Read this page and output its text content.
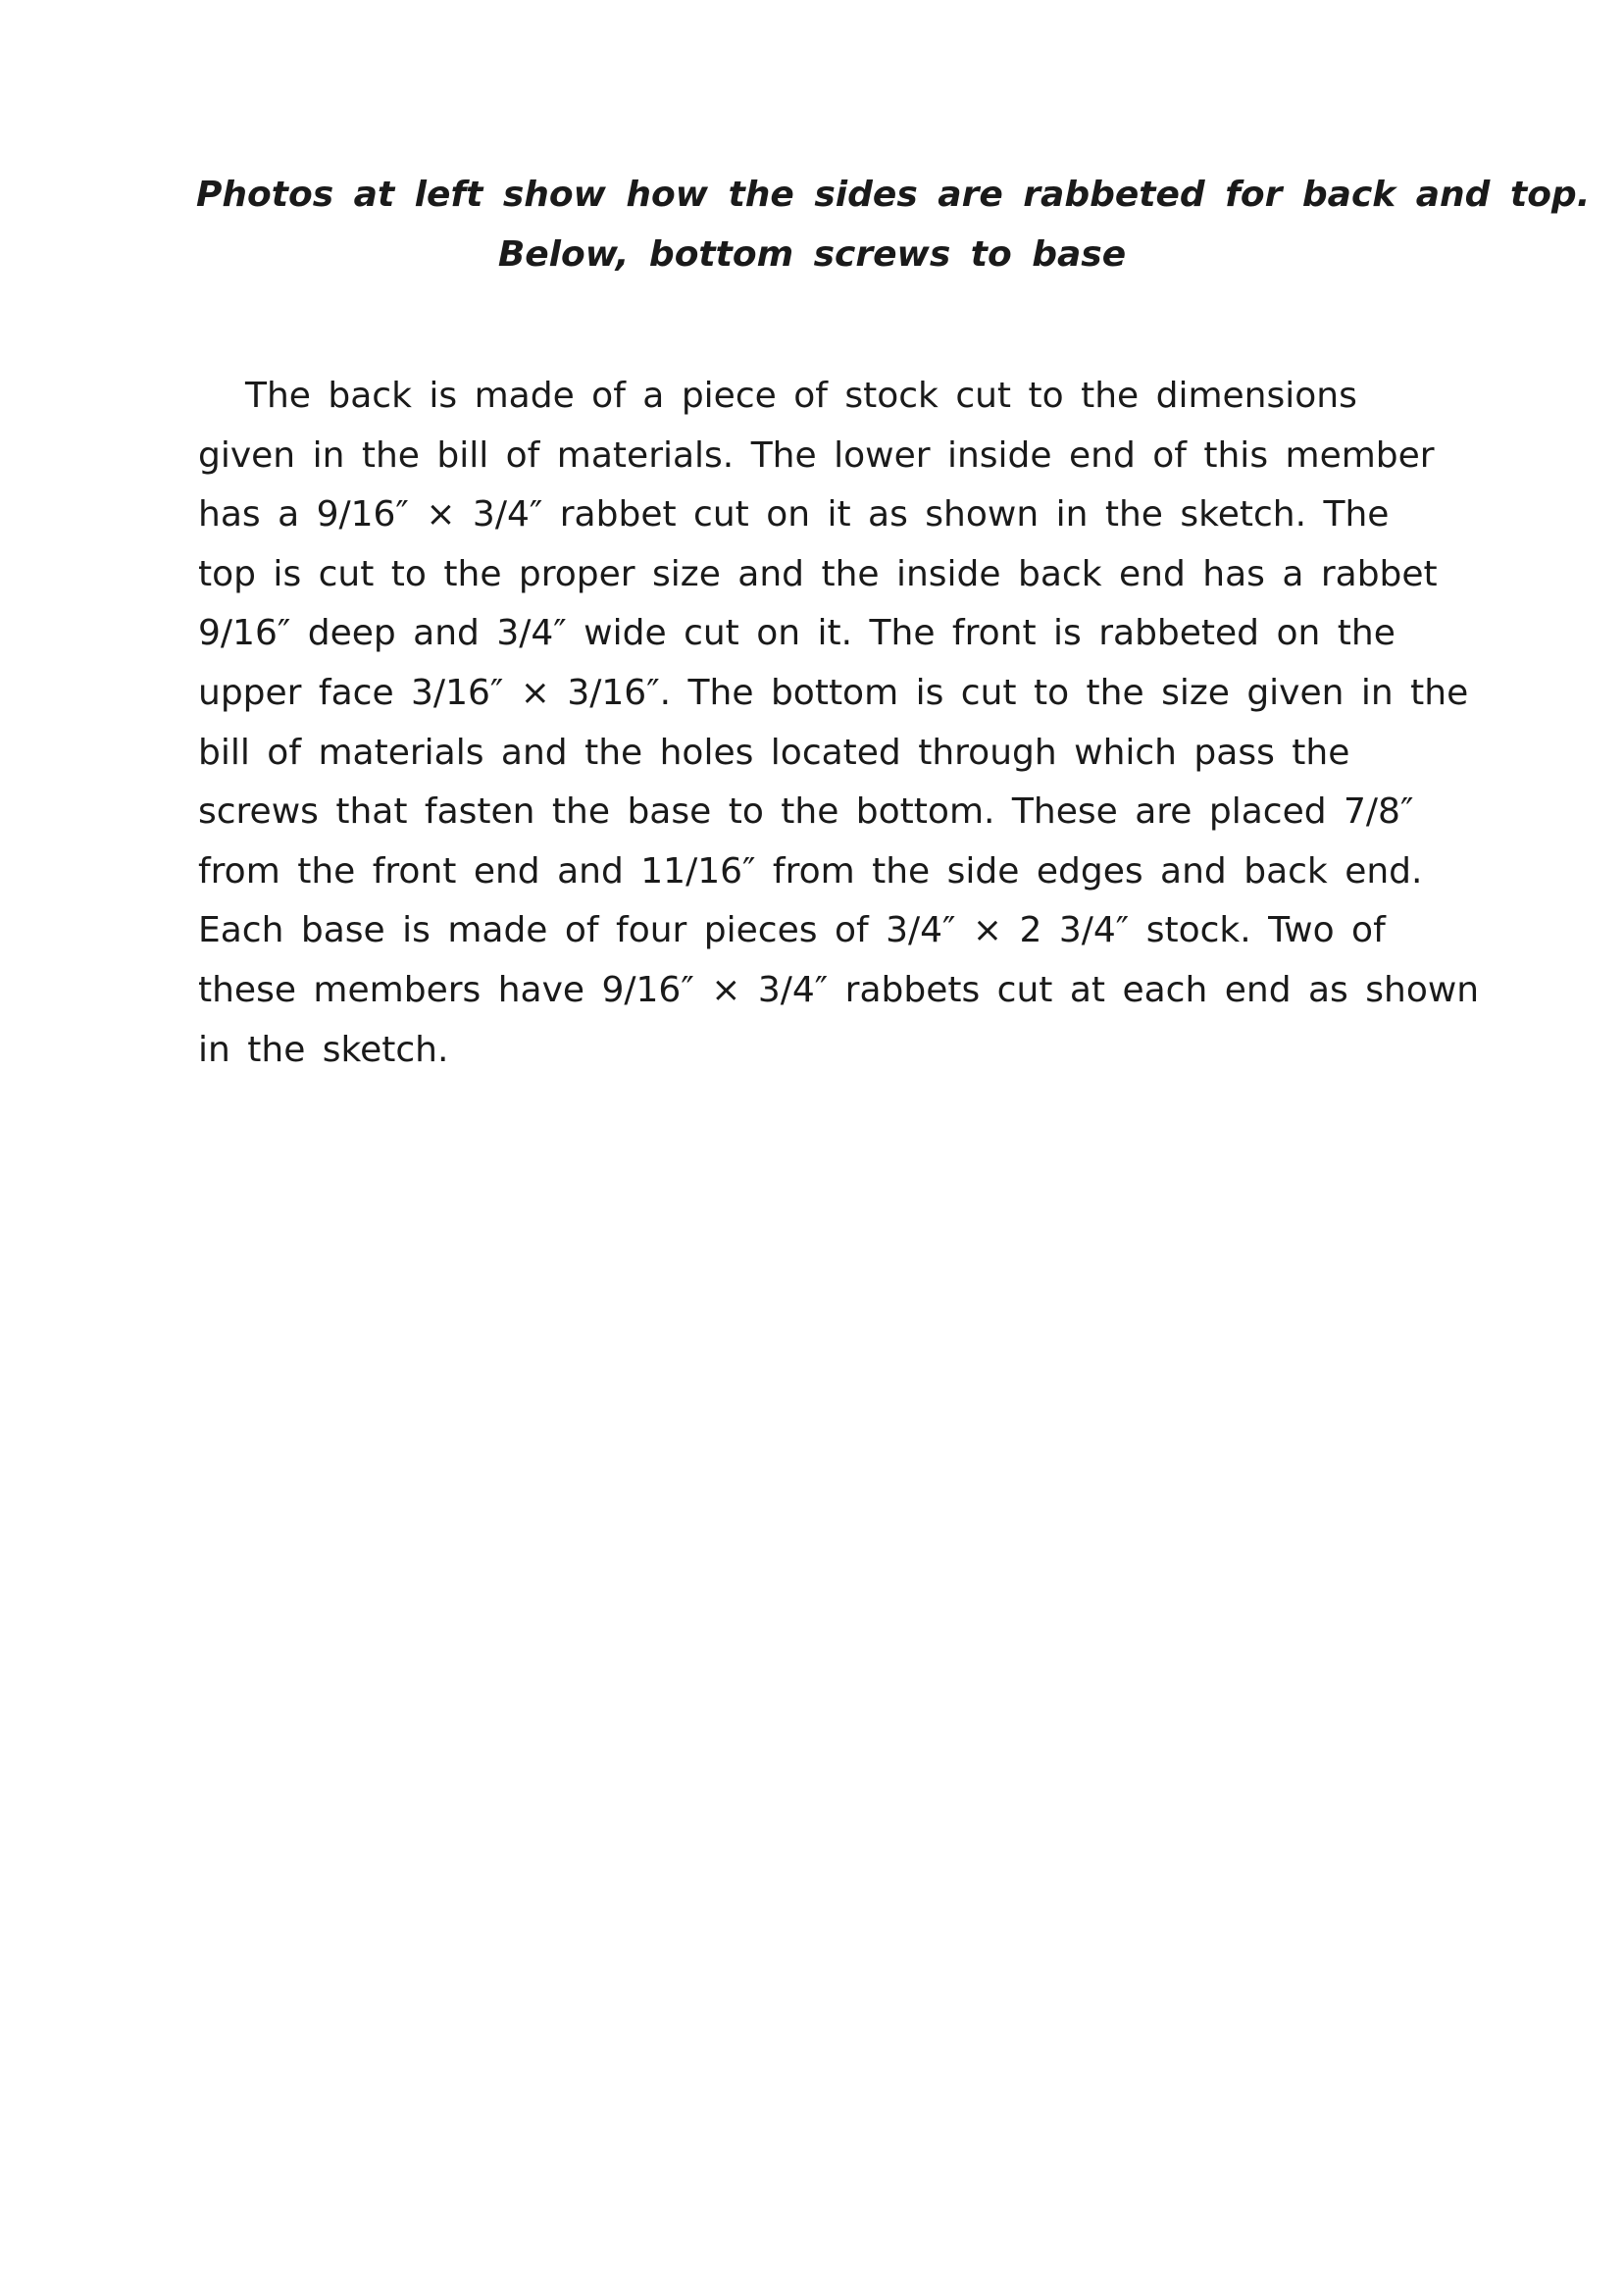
Photos at left show how the sides are rabbeted for back and top.
Below, bottom screws to base

The back is made of a piece of stock cut to the dimensions
given in the bill of materials. The lower inside end of this member
has a 9/16″ × 3/4″ rabbet cut on it as shown in the sketch. The
top is cut to the proper size and the inside back end has a rabbet
9/16″ deep and 3/4″ wide cut on it. The front is rabbeted on the
upper face 3/16″ × 3/16″. The bottom is cut to the size given in the
bill of materials and the holes located through which pass the
screws that fasten the base to the bottom. These are placed 7/8″
from the front end and 11/16″ from the side edges and back end.
Each base is made of four pieces of 3/4″ × 2 3/4″ stock. Two of
these members have 9/16″ × 3/4″ rabbets cut at each end as shown
in the sketch.
